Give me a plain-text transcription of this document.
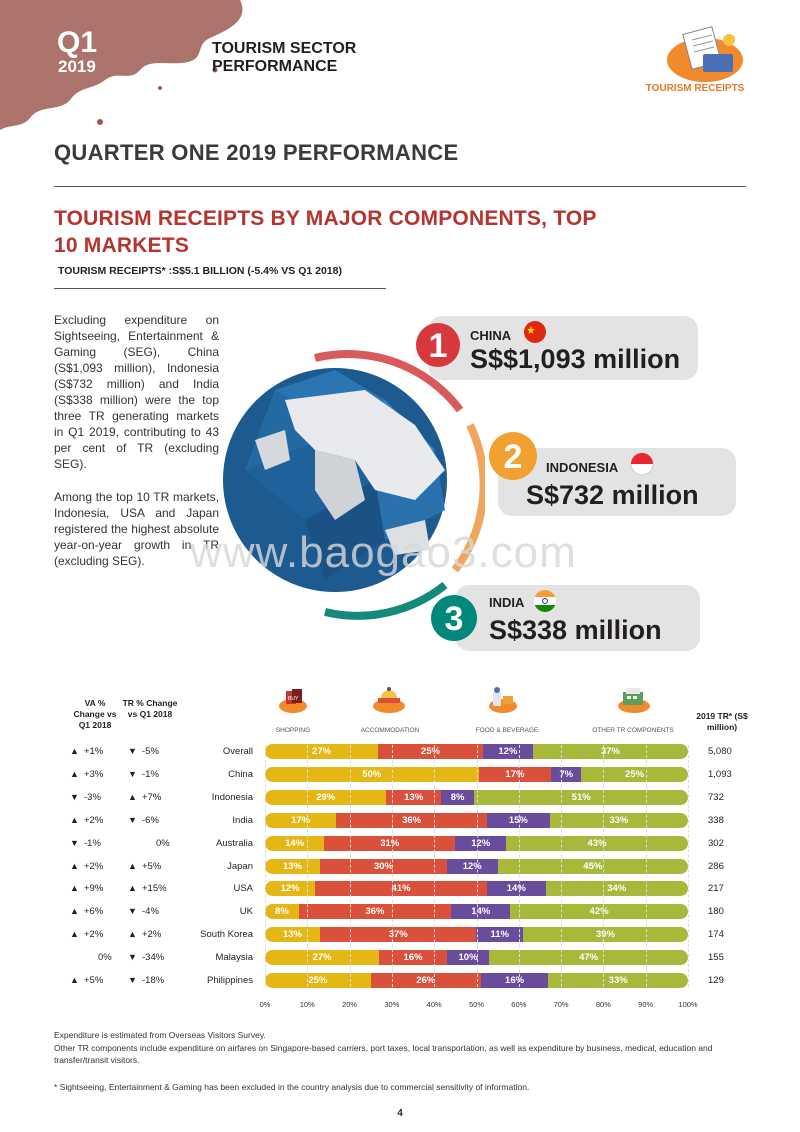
Q1
2019
TOURISM SECTOR
PERFORMANCE
TOURISM RECEIPTS
QUARTER ONE 2019 PERFORMANCE
TOURISM RECEIPTS BY MAJOR COMPONENTS, TOP 10 MARKETS
TOURISM RECEIPTS* :S$5.1 BILLION (-5.4% VS Q1 2018)
Excluding expenditure on Sightseeing, Entertainment & Gaming (SEG), China (S$1,093 million), Indonesia (S$732 million) and India (S$338 million) were the top three TR generating markets in Q1 2019, contributing to 43 per cent of TR (excluding SEG).
Among the top 10 TR markets, Indonesia, USA and Japan registered the highest absolute year-on-year growth in TR (excluding SEG).
CHINA
S$$1,093 million
1
INDONESIA
S$732 million
2
INDIA
S$338 million
3
www.baogao3.com
VA % Change vs Q1 2018
TR % Change vs Q1 2018	2019 TR* (S$ million)
BUY
SHOPPING	ACCOMMODATION	FOOD & BEVERAGE	OTHER TR COMPONENTS
▲ +1%	▼ -5%	Overall	27%	25%	12%	37%	5,080
▲ +3%	▼ -1%	China	50%	17%	7%	25%	1,093
▼ -3%	▲ +7%	Indonesia	29%	13%	8%	51%	732
▲ +2%	▼ -6%	India	17%	36%	15%	33%	338
▼ -1%	0%	Australia	14%	31%	12%	43%	302
▲ +2%	▲ +5%	Japan	13%	30%	12%	45%	286
▲ +9%	▲ +15%	USA	12%	41%	14%	34%	217
▲ +6%	▼ -4%	UK	8%	36%	14%	42%	180
▲ +2%	▲ +2%	South Korea	13%	37%	11%	39%	174
0%	▼ -34%	Malaysia	27%	16%	10%	47%	155
▲ +5%	▼ -18%	Philippines	25%	26%	16%	33%	129
0%	10%	20%	30%	40%	50%	60%	70%	80%	90%	100%
Expenditure is estimated from Overseas Visitors Survey.
Other TR components include expenditure on airfares on Singapore-based carriers, port taxes, local transportation, as well as expenditure by business, medical, education and transfer/transit visitors.
* Sightseeing, Entertainment & Gaming has been excluded in the country analysis due to commercial sensitivity of information.
4
